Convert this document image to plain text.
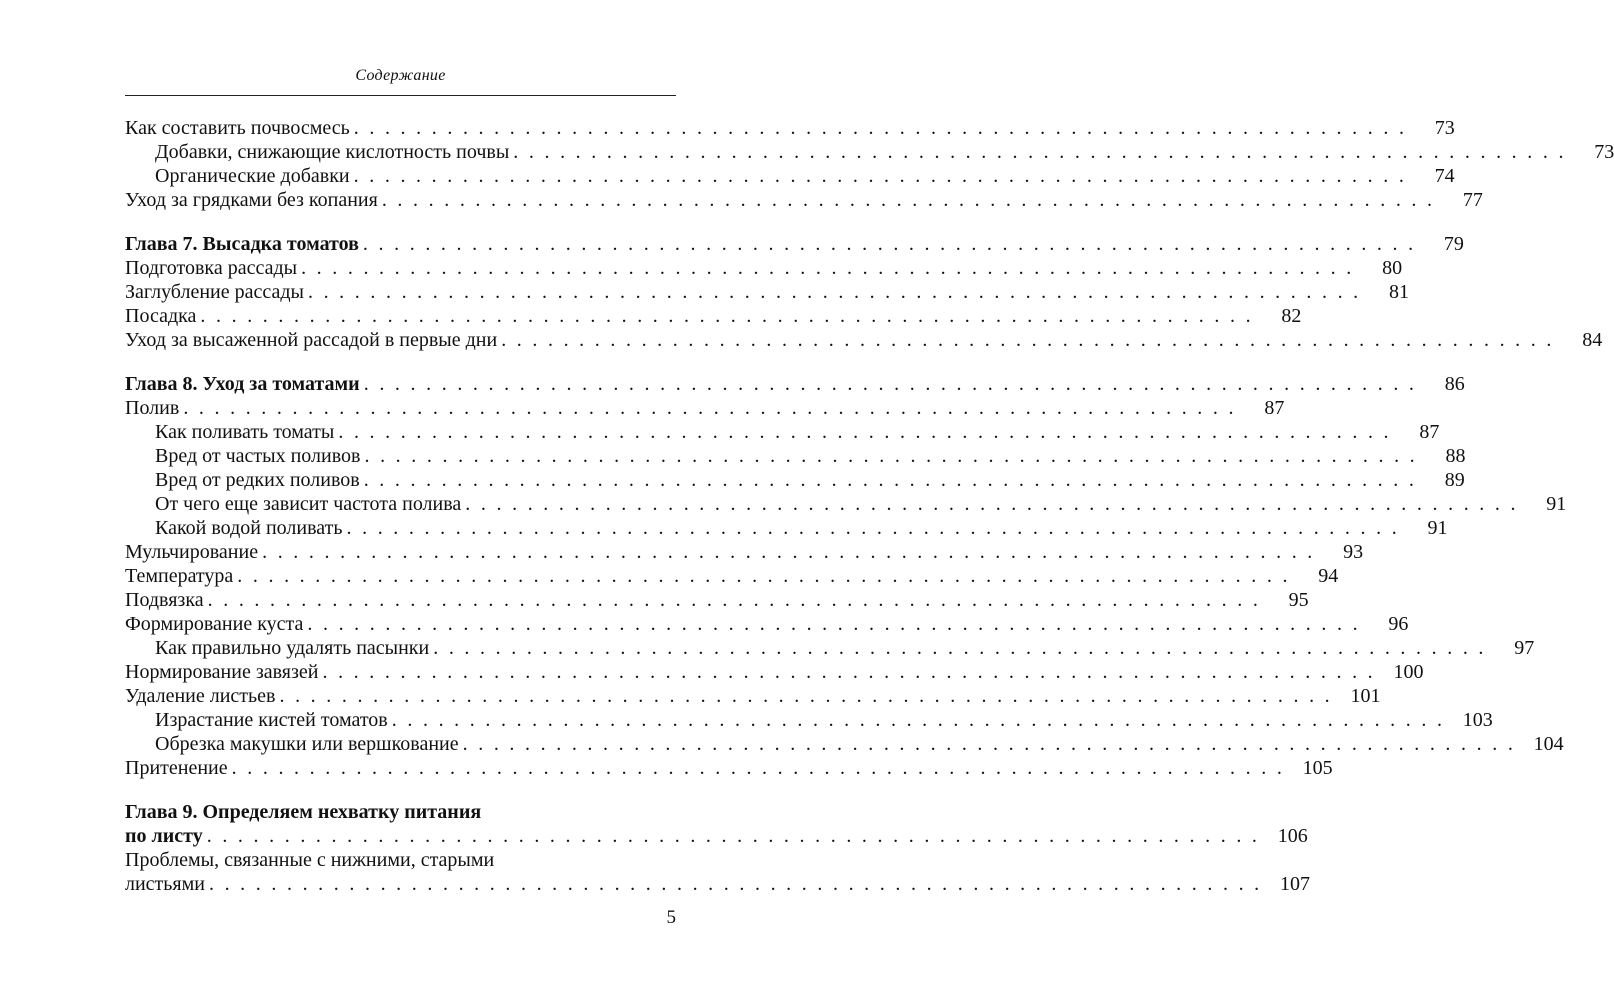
Содержание
Как составить почвосмесь . . . . . . . . . . . . . . . . . . . . . . . . . . . . . . . . . . . . . . . . . . . . . . . . . . . . . . . . . . . . . . . . . . . .	73
Добавки, снижающие кислотность почвы . . . . . . . . . . . . . . . . . . . . . . . . . . . . . . . . . . . . . . . . . . . . . . . . . . . . . . . . . . . . . . . . . . . .	73
Органические добавки . . . . . . . . . . . . . . . . . . . . . . . . . . . . . . . . . . . . . . . . . . . . . . . . . . . . . . . . . . . . . . . . . . . .	74
Уход за грядками без копания . . . . . . . . . . . . . . . . . . . . . . . . . . . . . . . . . . . . . . . . . . . . . . . . . . . . . . . . . . . . . . . . . . . .	77
Глава 7. Высадка томатов . . . . . . . . . . . . . . . . . . . . . . . . . . . . . . . . . . . . . . . . . . . . . . . . . . . . . . . . . . . . . . . . . . . .	79
Подготовка рассады . . . . . . . . . . . . . . . . . . . . . . . . . . . . . . . . . . . . . . . . . . . . . . . . . . . . . . . . . . . . . . . . . . . .	80
Заглубление рассады . . . . . . . . . . . . . . . . . . . . . . . . . . . . . . . . . . . . . . . . . . . . . . . . . . . . . . . . . . . . . . . . . . . .	81
Посадка . . . . . . . . . . . . . . . . . . . . . . . . . . . . . . . . . . . . . . . . . . . . . . . . . . . . . . . . . . . . . . . . . . . .	82
Уход за высаженной рассадой в первые дни . . . . . . . . . . . . . . . . . . . . . . . . . . . . . . . . . . . . . . . . . . . . . . . . . . . . . . . . . . . . . . . . . . . .	84
Глава 8. Уход за томатами . . . . . . . . . . . . . . . . . . . . . . . . . . . . . . . . . . . . . . . . . . . . . . . . . . . . . . . . . . . . . . . . . . . .	86
Полив . . . . . . . . . . . . . . . . . . . . . . . . . . . . . . . . . . . . . . . . . . . . . . . . . . . . . . . . . . . . . . . . . . . .	87
Как поливать томаты . . . . . . . . . . . . . . . . . . . . . . . . . . . . . . . . . . . . . . . . . . . . . . . . . . . . . . . . . . . . . . . . . . . .	87
Вред от частых поливов . . . . . . . . . . . . . . . . . . . . . . . . . . . . . . . . . . . . . . . . . . . . . . . . . . . . . . . . . . . . . . . . . . . .	88
Вред от редких поливов . . . . . . . . . . . . . . . . . . . . . . . . . . . . . . . . . . . . . . . . . . . . . . . . . . . . . . . . . . . . . . . . . . . .	89
От чего еще зависит частота полива . . . . . . . . . . . . . . . . . . . . . . . . . . . . . . . . . . . . . . . . . . . . . . . . . . . . . . . . . . . . . . . . . . . .	91
Какой водой поливать . . . . . . . . . . . . . . . . . . . . . . . . . . . . . . . . . . . . . . . . . . . . . . . . . . . . . . . . . . . . . . . . . . . .	91
Мульчирование . . . . . . . . . . . . . . . . . . . . . . . . . . . . . . . . . . . . . . . . . . . . . . . . . . . . . . . . . . . . . . . . . . . .	93
Температура . . . . . . . . . . . . . . . . . . . . . . . . . . . . . . . . . . . . . . . . . . . . . . . . . . . . . . . . . . . . . . . . . . . .	94
Подвязка . . . . . . . . . . . . . . . . . . . . . . . . . . . . . . . . . . . . . . . . . . . . . . . . . . . . . . . . . . . . . . . . . . . .	95
Формирование куста . . . . . . . . . . . . . . . . . . . . . . . . . . . . . . . . . . . . . . . . . . . . . . . . . . . . . . . . . . . . . . . . . . . .	96
Как правильно удалять пасынки . . . . . . . . . . . . . . . . . . . . . . . . . . . . . . . . . . . . . . . . . . . . . . . . . . . . . . . . . . . . . . . . . . . .	97
Нормирование завязей . . . . . . . . . . . . . . . . . . . . . . . . . . . . . . . . . . . . . . . . . . . . . . . . . . . . . . . . . . . . . . . . . . . . 100
Удаление листьев . . . . . . . . . . . . . . . . . . . . . . . . . . . . . . . . . . . . . . . . . . . . . . . . . . . . . . . . . . . . . . . . . . . . 101
Израстание кистей томатов . . . . . . . . . . . . . . . . . . . . . . . . . . . . . . . . . . . . . . . . . . . . . . . . . . . . . . . . . . . . . . . . . . . . 103
Обрезка макушки или вершкование . . . . . . . . . . . . . . . . . . . . . . . . . . . . . . . . . . . . . . . . . . . . . . . . . . . . . . . . . . . . . . . . . . . . 104
Притенение . . . . . . . . . . . . . . . . . . . . . . . . . . . . . . . . . . . . . . . . . . . . . . . . . . . . . . . . . . . . . . . . . . . . 105
Глава 9. Определяем нехватку питания
по листу . . . . . . . . . . . . . . . . . . . . . . . . . . . . . . . . . . . . . . . . . . . . . . . . . . . . . . . . . . . . . . . . . . . . 106
Проблемы, связанные с нижними, старыми
листьями . . . . . . . . . . . . . . . . . . . . . . . . . . . . . . . . . . . . . . . . . . . . . . . . . . . . . . . . . . . . . . . . . . . . 107
5
